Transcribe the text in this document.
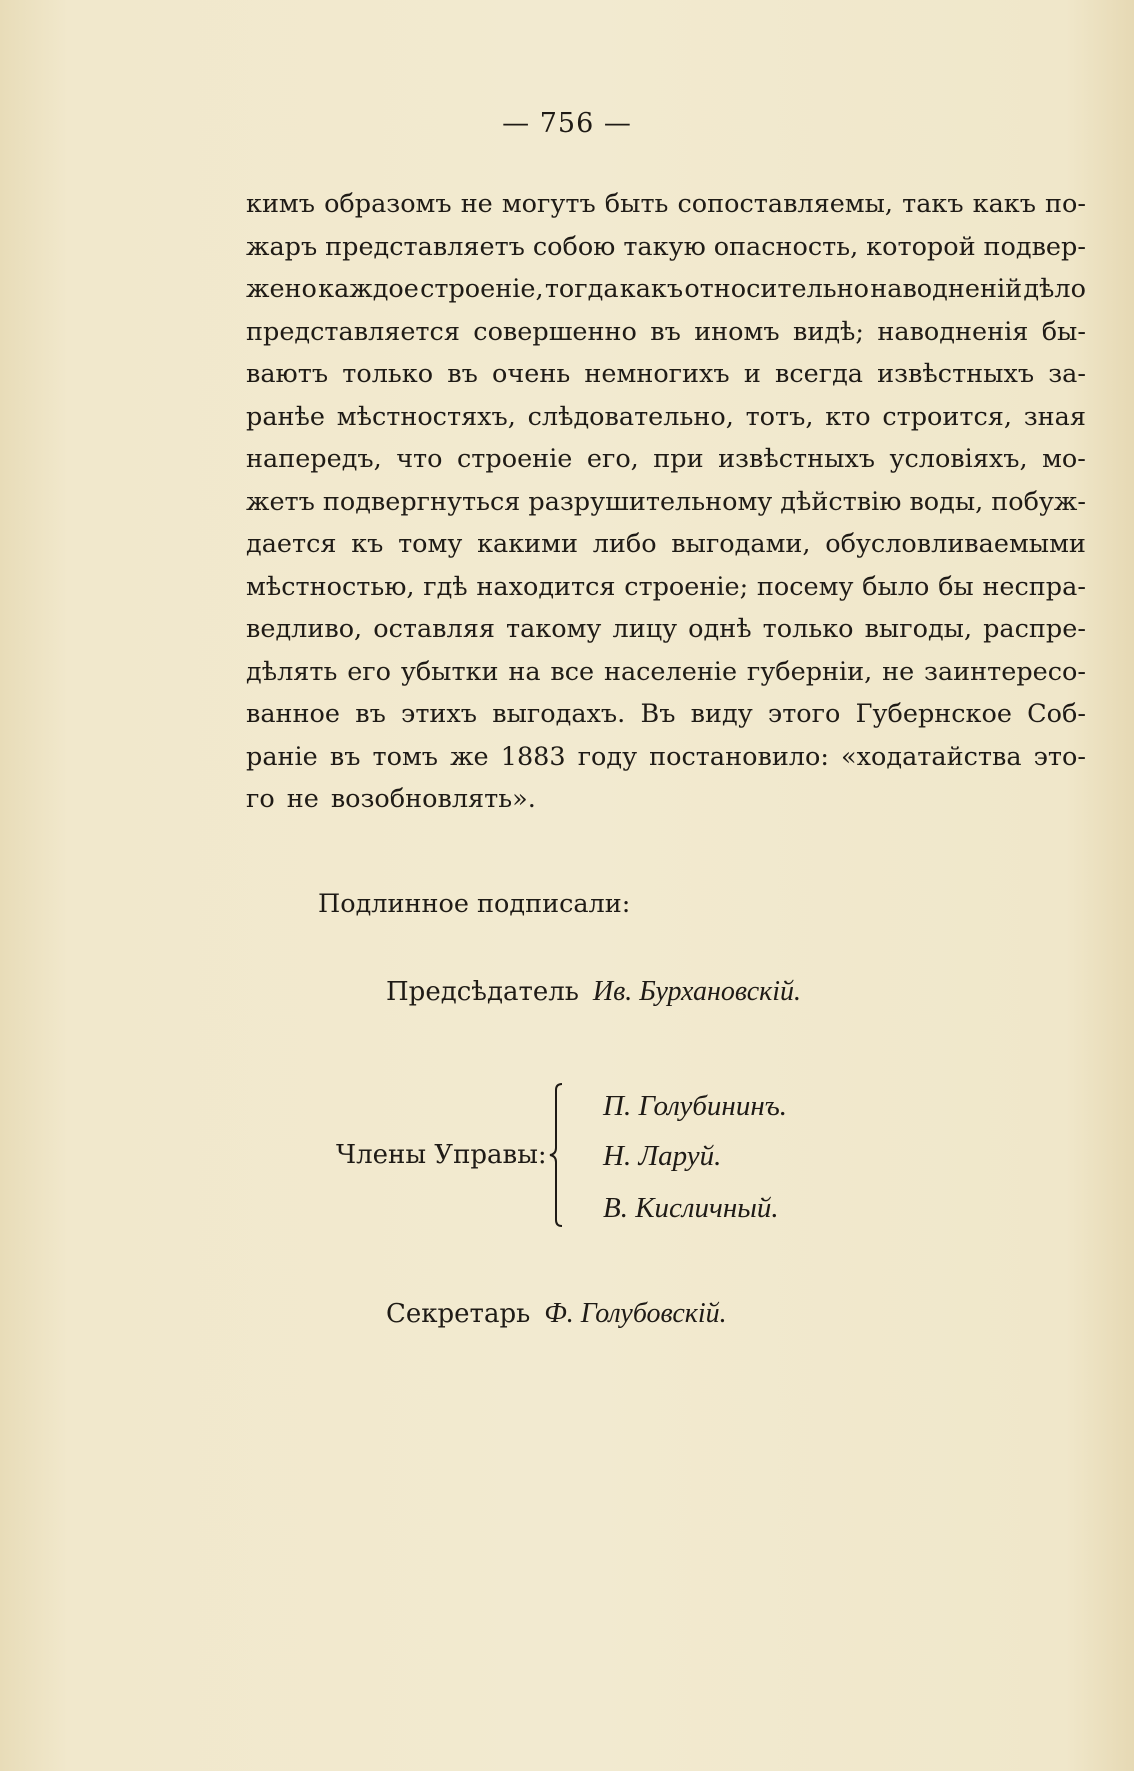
— 756 —
кимъ образомъ не могутъ быть сопоставляемы, такъ какъ по-
жаръ представляетъ собою такую опасность, которой подвер-
жено каждое строеніе, тогда какъ относительно наводненій дѣло
представляется совершенно въ иномъ видѣ; наводненія бы-
ваютъ только въ очень немногихъ и всегда извѣстныхъ за-
ранѣе мѣстностяхъ, слѣдовательно, тотъ, кто строится, зная
напередъ, что строеніе его, при извѣстныхъ условіяхъ, мо-
жетъ подвергнуться разрушительному дѣйствію воды, побуж-
дается къ тому какими либо выгодами, обусловливаемыми
мѣстностью, гдѣ находится строеніе; посему было бы неспра-
ведливо, оставляя такому лицу однѣ только выгоды, распре-
дѣлять его убытки на все населеніе губерніи, не заинтересо-
ванное въ этихъ выгодахъ. Въ виду этого Губернское Соб-
раніе въ томъ же 1883 году постановило: «ходатайства это-
го не возобновлять».
Подлинное подписали:
Предсѣдатель Ив. Бурхановскій.
Члены Управы:
П. Голубининъ.
Н. Ларуй.
В. Кисличный.
Секретарь Ф. Голубовскій.
